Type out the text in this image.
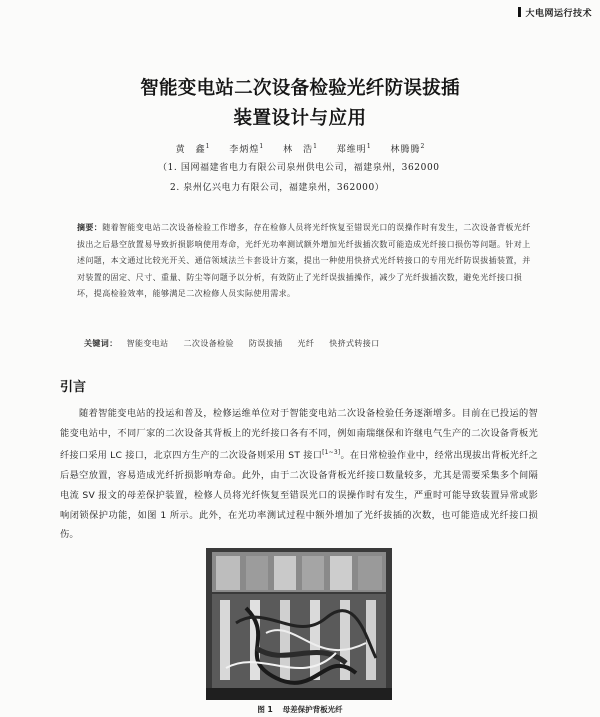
大电网运行技术
智能变电站二次设备检验光纤防误拔插
装置设计与应用
黄　鑫$^1$ 李炳煌$^1$ 林　浩$^1$ 郑维明$^1$ 林腾腾$^2$
（1. 国网福建省电力有限公司泉州供电公司，福建泉州，362000
2. 泉州亿兴电力有限公司，福建泉州，362000）
摘要：随着智能变电站二次设备检验工作增多，存在检修人员将光纤恢复至错误光口的误操作时有发生，二次设备背板光纤拔出之后悬空放置易导致折损影响使用寿命，光纤光功率测试额外增加光纤拔插次数可能造成光纤接口损伤等问题。针对上述问题，本文通过比较光开关、通信领域法兰卡套设计方案，提出一种使用快挤式光纤转接口的专用光纤防误拔插装置，并对装置的固定、尺寸、重量、防尘等问题予以分析，有效防止了光纤误拔插操作，减少了光纤拔插次数，避免光纤接口损坏，提高检验效率，能够满足二次检修人员实际使用需求。
关键词： 智能变电站 二次设备检验 防误拔插 光纤 快挤式转接口
引言
随着智能变电站的投运和普及，检修运维单位对于智能变电站二次设备检验任务逐渐增多。目前在已投运的智能变电站中，不同厂家的二次设备其背板上的光纤接口各有不同，例如南瑞继保和许继电气生产的二次设备背板光纤接口采用 LC 接口，北京四方生产的二次设备则采用 ST 接口[1~3]。在日常检验作业中，经常出现拔出背板光纤之后悬空放置，容易造成光纤折损影响寿命。此外，由于二次设备背板光纤接口数量较多，尤其是需要采集多个间隔电流 SV 报文的母差保护装置，检修人员将光纤恢复至错误光口的误操作时有发生，严重时可能导致装置异常或影响闭锁保护功能，如图 1 所示。此外，在光功率测试过程中额外增加了光纤拔插的次数，也可能造成光纤接口损伤。
图 1 母差保护背板光纤
